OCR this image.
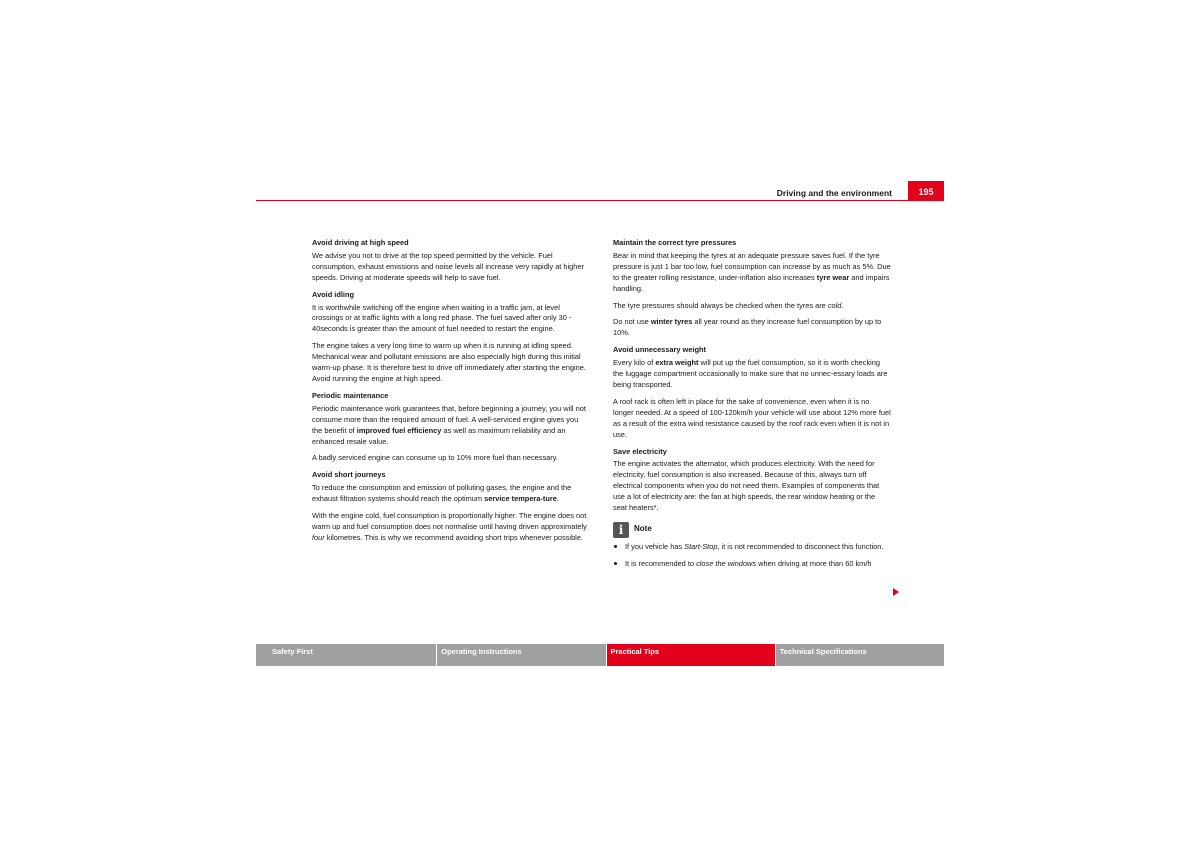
Driving and the environment	195
Avoid driving at high speed

We advise you not to drive at the top speed permitted by the vehicle. Fuel consumption, exhaust emissions and noise levels all increase very rapidly at higher speeds. Driving at moderate speeds will help to save fuel.

Avoid idling

It is worthwhile switching off the engine when waiting in a traffic jam, at level crossings or at traffic lights with a long red phase. The fuel saved after only 30 - 40seconds is greater than the amount of fuel needed to restart the engine.

The engine takes a very long time to warm up when it is running at idling speed. Mechanical wear and pollutant emissions are also especially high during this initial warm-up phase. It is therefore best to drive off immediately after starting the engine. Avoid running the engine at high speed.

Periodic maintenance

Periodic maintenance work guarantees that, before beginning a journey, you will not consume more than the required amount of fuel. A well-serviced engine gives you the benefit of improved fuel efficiency as well as maximum reliability and an enhanced resale value.

A badly serviced engine can consume up to 10% more fuel than necessary.

Avoid short journeys

To reduce the consumption and emission of polluting gases, the engine and the exhaust filtration systems should reach the optimum service tempera-ture.

With the engine cold, fuel consumption is proportionally higher. The engine does not warm up and fuel consumption does not normalise until having driven approximately four kilometres. This is why we recommend avoiding short trips whenever possible.

Maintain the correct tyre pressures

Bear in mind that keeping the tyres at an adequate pressure saves fuel. If the tyre pressure is just 1 bar too low, fuel consumption can increase by as much as 5%. Due to the greater rolling resistance, under-inflation also increases tyre wear and impairs handling.

The tyre pressures should always be checked when the tyres are cold.

Do not use winter tyres all year round as they increase fuel consumption by up to 10%.

Avoid unnecessary weight

Every kilo of extra weight will put up the fuel consumption, so it is worth checking the luggage compartment occasionally to make sure that no unnec-essary loads are being transported.

A roof rack is often left in place for the sake of convenience, even when it is no longer needed. At a speed of 100-120km/h your vehicle will use about 12% more fuel as a result of the extra wind resistance caused by the roof rack even when it is not in use.

Save electricity

The engine activates the alternator, which produces electricity. With the need for electricity, fuel consumption is also increased. Because of this, always turn off electrical components when you do not need them. Examples of components that use a lot of electricity are: the fan at high speeds, the rear window heating or the seat heaters*.

i	Note

If you vehicle has Start-Stop, it is not recommended to disconnect this function.

It is recommended to close the windows when driving at more than 60 km/h

Safety First	Operating Instructions	Practical Tips	Technical Specifications
